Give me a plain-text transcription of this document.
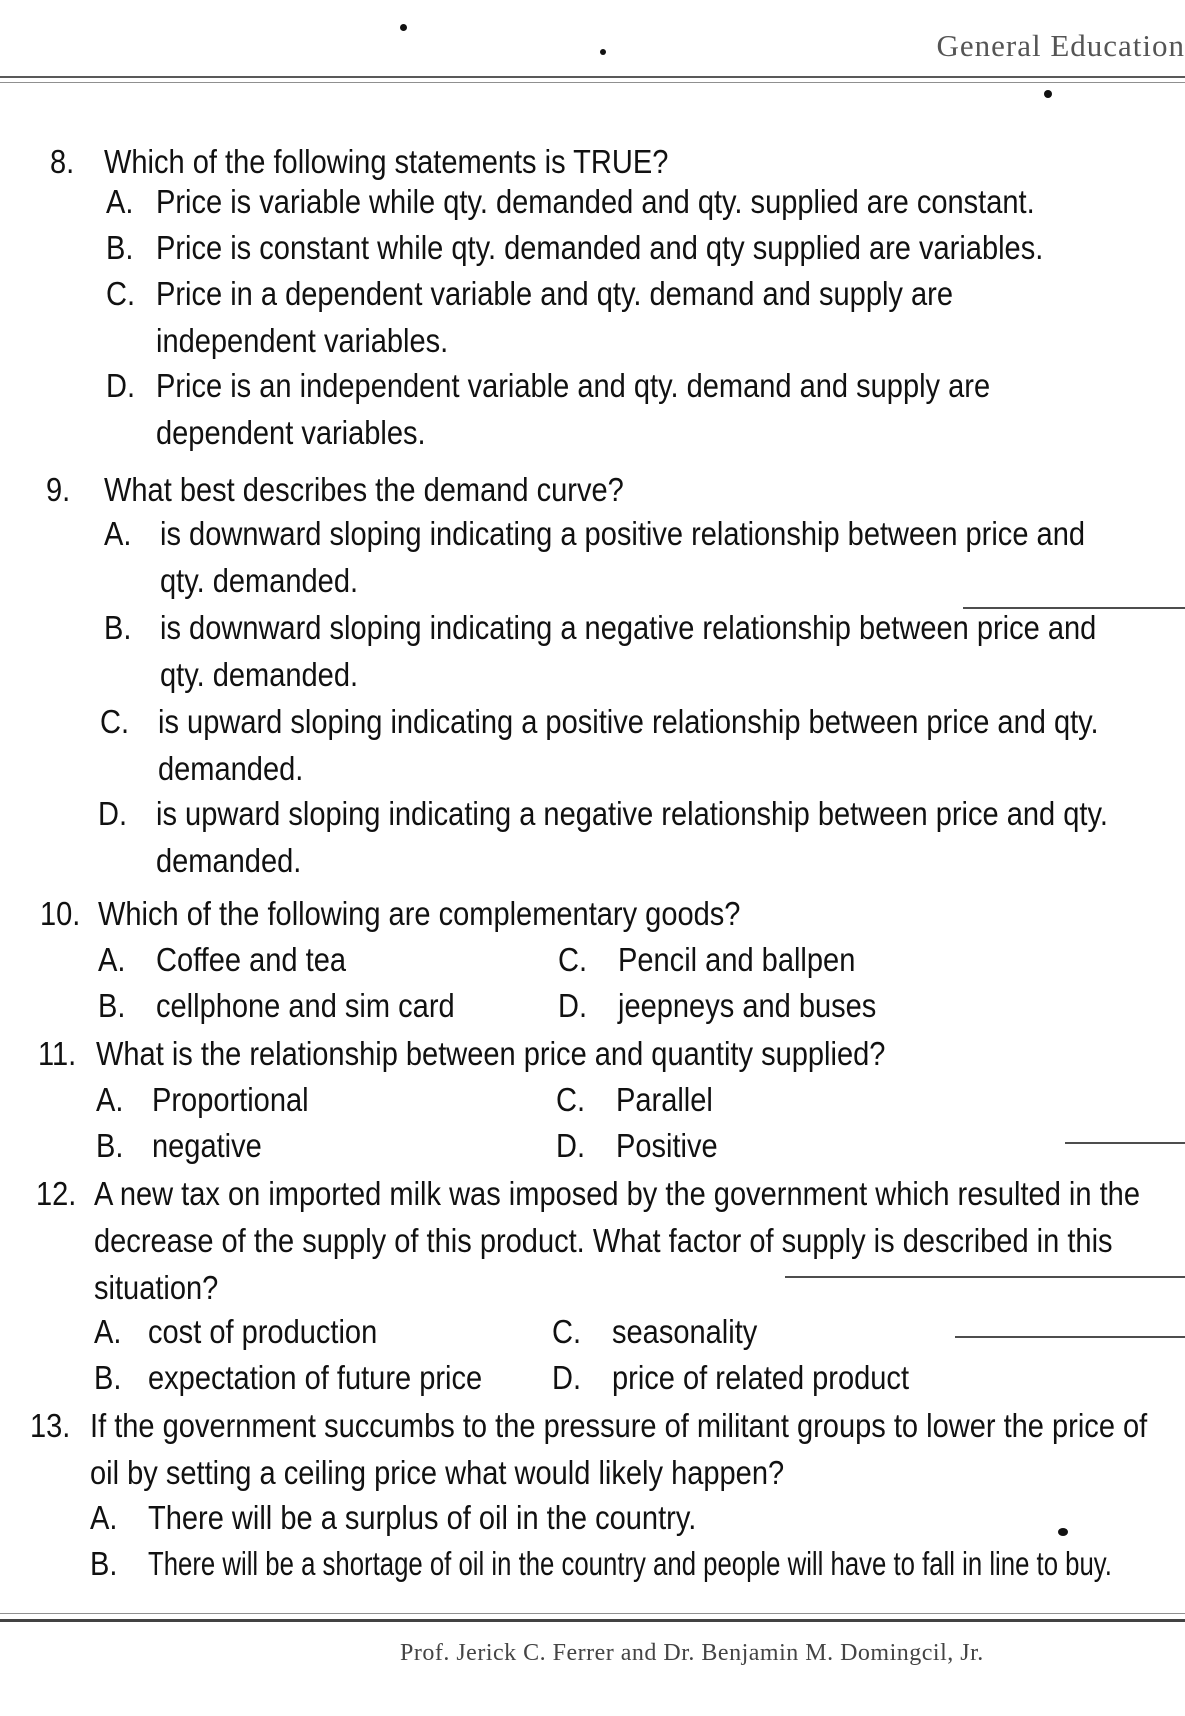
General Education
8. Which of the following statements is TRUE?
A. Price is variable while qty. demanded and qty. supplied are constant.
B. Price is constant while qty. demanded and qty supplied are variables.
C. Price in a dependent variable and qty. demand and supply are independent variables.
D. Price is an independent variable and qty. demand and supply are dependent variables.
9. What best describes the demand curve?
A. is downward sloping indicating a positive relationship between price and qty. demanded.
B. is downward sloping indicating a negative relationship between price and qty. demanded.
C. is upward sloping indicating a positive relationship between price and qty. demanded.
D. is upward sloping indicating a negative relationship between price and qty. demanded.
10. Which of the following are complementary goods?
A. Coffee and tea
B. cellphone and sim card
C. Pencil and ballpen
D. jeepneys and buses
11. What is the relationship between price and quantity supplied?
A. Proportional
B. negative
C. Parallel
D. Positive
12. A new tax on imported milk was imposed by the government which resulted in the decrease of the supply of this product. What factor of supply is described in this situation?
A. cost of production
B. expectation of future price
C. seasonality
D. price of related product
13. If the government succumbs to the pressure of militant groups to lower the price of oil by setting a ceiling price what would likely happen?
A. There will be a surplus of oil in the country.
B. There will be a shortage of oil in the country and people will have to fall in line to buy.
Prof. Jerick C. Ferrer and Dr. Benjamin M. Domingcil, Jr.
